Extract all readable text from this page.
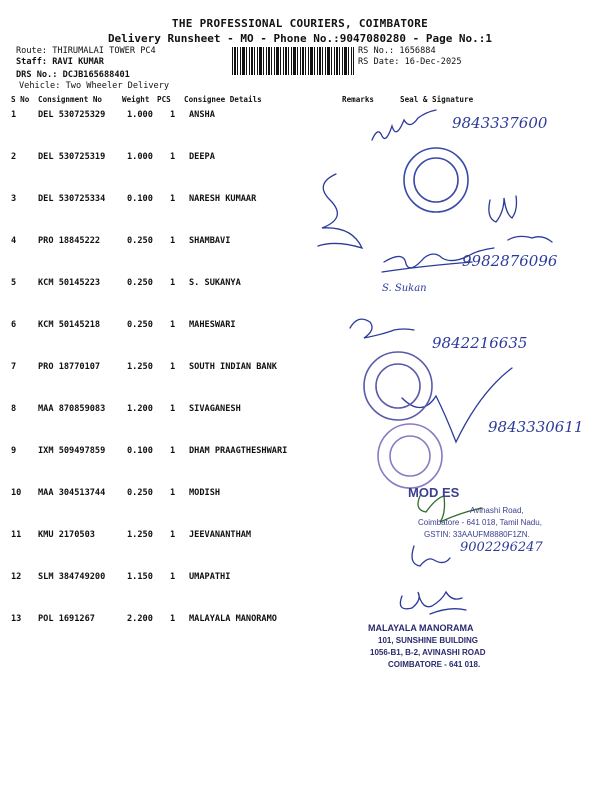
THE PROFESSIONAL COURIERS, COIMBATORE
Delivery Runsheet - MO - Phone No.:9047080280 - Page No.:1
Route: THIRUMALAI TOWER PC4
Staff: RAVI KUMAR
DRS No.: DCJB165688401
Vehicle: Two Wheeler Delivery
RS No.: 1656884
RS Date: 16-Dec-2025
S No Consignment No	Weight PCS Consignee Details	Remarks	Seal & Signature
1	DEL 530725329	1.000 1 ANSHA
2	DEL 530725319	1.000 1 DEEPA
3	DEL 530725334	0.100 1 NARESH KUMAAR
4	PRO 18845222	0.250 1 SHAMBAVI
5	KCM 50145223	0.250 1 S. SUKANYA
6	KCM 50145218	0.250 1 MAHESWARI
7	PRO 18770107	1.250 1 SOUTH INDIAN BANK
8	MAA 870859083	1.200 1 SIVAGANESH
9	IXM 509497859	0.100 1 DHAM PRAAGTHESHWARI
10 MAA 304513744	0.250 1 MODISH
11 KMU 2170503	1.250 1 JEEVANANTHAM
12 SLM 384749200	1.150 1 UMAPATHI
13 POL 1691267	2.200 1 MALAYALA MANORAMO
9843337600
9982876096
S. Sukan
9842216635
9843330611
9002296247
MOD ES
Avinashi Road,
Coimbatore - 641 018, Tamil Nadu,
GSTIN: 33AAUFM8880F1ZN.
MALAYALA MANORAMA
101, SUNSHINE BUILDING
1056-B1, B-2, AVINASHI ROAD
COIMBATORE - 641 018.
